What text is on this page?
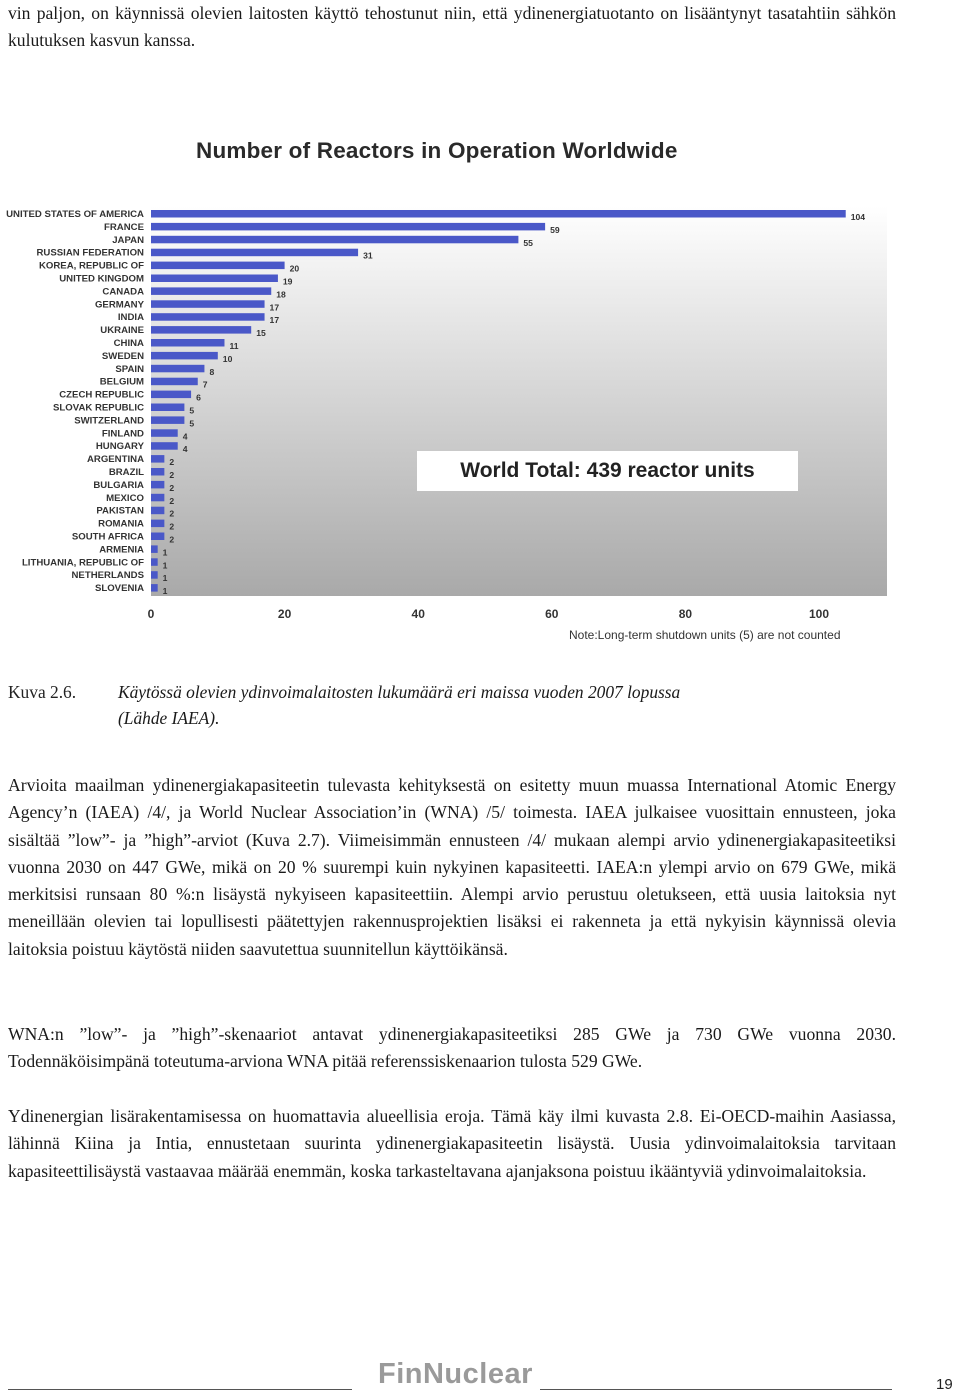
vin paljon, on käynnissä olevien laitosten käyttö tehostunut niin, että ydinenergiatuotanto on lisääntynyt tasatahtiin sähkön kulutuksen kasvun kanssa.

UNITED STATES OF AMERICA	104
FRANCE	59
JAPAN	55
RUSSIAN FEDERATION	31
KOREA, REPUBLIC OF	20
UNITED KINGDOM	19
CANADA	18
GERMANY	17
INDIA	17
UKRAINE	15
CHINA	11
SWEDEN	10
SPAIN	8
BELGIUM	7
CZECH REPUBLIC	6
SLOVAK REPUBLIC	5
SWITZERLAND	5
FINLAND	4
HUNGARY	4
ARGENTINA	2
BRAZIL	2
BULGARIA	2
MEXICO	2
PAKISTAN	2
ROMANIA	2
SOUTH AFRICA	2
ARMENIA 1
LITHUANIA, REPUBLIC OF 1
NETHERLANDS 1
SLOVENIA 1
0	20	40	60	80	100
Note:Long-term shutdown units (5) are not counted
Number of Reactors in Operation Worldwide
World Total: 439 reactor units
Kuva 2.6. Käytössä olevien ydinvoimalaitosten lukumäärä eri maissa vuoden 2007 lopussa
(Lähde IAEA).

Arvioita maailman ydinenergiakapasiteetin tulevasta kehityksestä on esitetty muun muassa International Atomic Energy Agency’n (IAEA) /4/, ja World Nuclear Association’in (WNA) /5/ toimesta. IAEA julkaisee vuosittain ennusteen, joka sisältää ”low”- ja ”high”-arviot (Kuva 2.7). Viimeisimmän ennusteen /4/ mukaan alempi arvio ydinenergiakapasiteetiksi vuonna 2030 on 447 GWe, mikä on 20 % suurempi kuin nykyinen kapasiteetti. IAEA:n ylempi arvio on 679 GWe, mikä merkitsisi runsaan 80 %:n lisäystä nykyiseen kapasiteettiin. Alempi arvio perustuu oletukseen, että uusia laitoksia nyt meneillään olevien tai lopullisesti päätettyjen rakennusprojektien lisäksi ei rakenneta ja että nykyisin käynnissä olevia laitoksia poistuu käytöstä niiden saavutettua suunnitellun käyttöikänsä.

WNA:n ”low”- ja ”high”-skenaariot antavat ydinenergiakapasiteetiksi 285 GWe ja 730 GWe vuonna 2030. Todennäköisimpänä toteutuma-arviona WNA pitää referenssiskenaarion tulosta 529 GWe.

Ydinenergian lisärakentamisessa on huomattavia alueellisia eroja. Tämä käy ilmi kuvasta 2.8. Ei-OECD-maihin Aasiassa, lähinnä Kiina ja Intia, ennustetaan suurinta ydinenergiakapasiteetin lisäystä. Uusia ydinvoimalaitoksia tarvitaan kapasiteettilisäystä vastaavaa määrää enemmän, koska tarkasteltavana ajanjaksona poistuu ikääntyviä ydinvoimalaitoksia.

FinNuclear	19
